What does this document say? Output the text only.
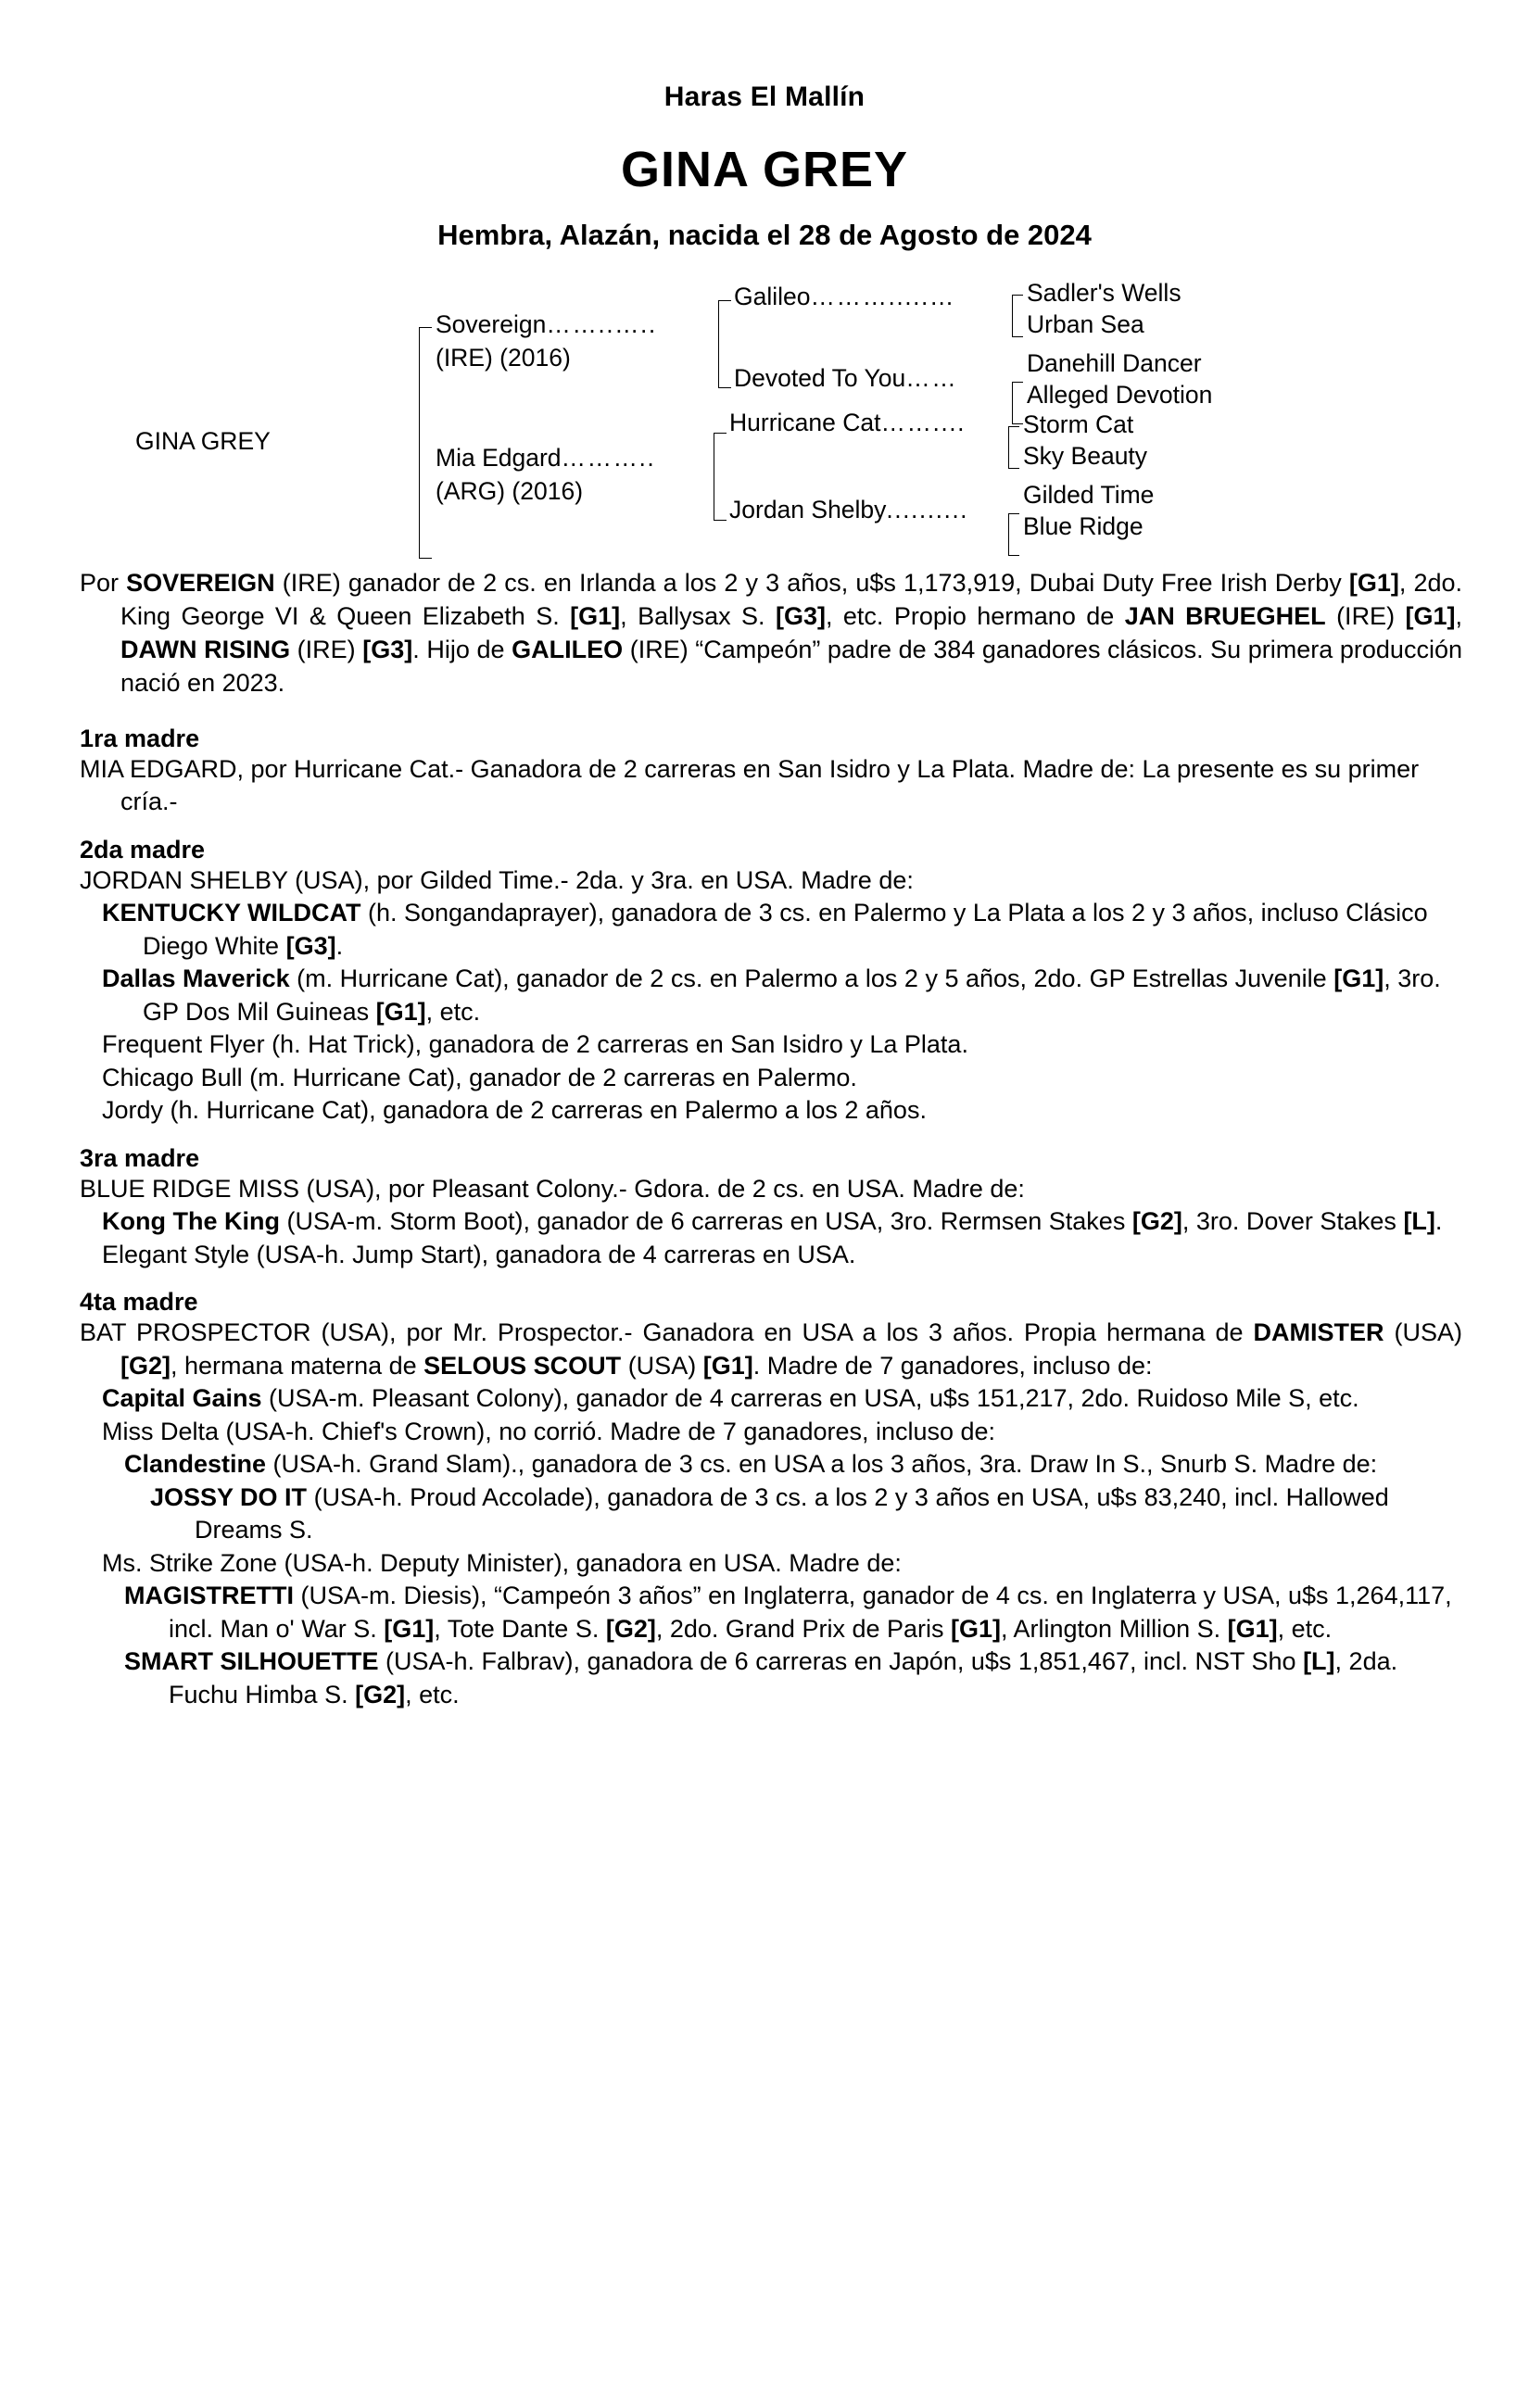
Haras El Mallín
GINA GREY
Hembra, Alazán, nacida el 28 de Agosto de 2024
GINA GREY
Sovereign……..…..
(IRE) (2016)
Mia Edgard………..
(ARG) (2016)
Galileo……….....…
Devoted To You……
Hurricane Cat……....
Jordan Shelby..........
Sadler's Wells
Urban Sea
Danehill Dancer
Alleged Devotion
Storm Cat
Sky Beauty
Gilded Time
Blue Ridge

Por SOVEREIGN (IRE) ganador de 2 cs. en Irlanda a los 2 y 3 años, u$s 1,173,919, Dubai Duty Free Irish Derby [G1], 2do. King George VI & Queen Elizabeth S. [G1], Ballysax S. [G3], etc. Propio hermano de JAN BRUEGHEL (IRE) [G1], DAWN RISING (IRE) [G3]. Hijo de GALILEO (IRE) “Campeón” padre de 384 ganadores clásicos. Su primera producción nació en 2023.

1ra madre
MIA EDGARD, por Hurricane Cat.- Ganadora de 2 carreras en San Isidro y La Plata. Madre de: La presente es su primer cría.-
2da madre
JORDAN SHELBY (USA), por Gilded Time.- 2da. y 3ra. en USA. Madre de:
KENTUCKY WILDCAT (h. Songandaprayer), ganadora de 3 cs. en Palermo y La Plata a los 2 y 3 años, incluso Clásico Diego White [G3].
Dallas Maverick (m. Hurricane Cat), ganador de 2 cs. en Palermo a los 2 y 5 años, 2do. GP Estrellas Juvenile [G1], 3ro. GP Dos Mil Guineas [G1], etc.
Frequent Flyer (h. Hat Trick), ganadora de 2 carreras en San Isidro y La Plata.
Chicago Bull (m. Hurricane Cat), ganador de 2 carreras en Palermo.
Jordy (h. Hurricane Cat), ganadora de 2 carreras en Palermo a los 2 años.
3ra madre
BLUE RIDGE MISS (USA), por Pleasant Colony.- Gdora. de 2 cs. en USA. Madre de:
Kong The King (USA-m. Storm Boot), ganador de 6 carreras en USA, 3ro. Rermsen Stakes [G2], 3ro. Dover Stakes [L].
Elegant Style (USA-h. Jump Start), ganadora de 4 carreras en USA.
4ta madre
BAT PROSPECTOR (USA), por Mr. Prospector.- Ganadora en USA a los 3 años. Propia hermana de DAMISTER (USA) [G2], hermana materna de SELOUS SCOUT (USA) [G1]. Madre de 7 ganadores, incluso de:
Capital Gains (USA-m. Pleasant Colony), ganador de 4 carreras en USA, u$s 151,217, 2do. Ruidoso Mile S, etc.
Miss Delta (USA-h. Chief's Crown), no corrió. Madre de 7 ganadores, incluso de:
Clandestine (USA-h. Grand Slam)., ganadora de 3 cs. en USA a los 3 años, 3ra. Draw In S., Snurb S. Madre de:
JOSSY DO IT (USA-h. Proud Accolade), ganadora de 3 cs. a los 2 y 3 años en USA, u$s 83,240, incl. Hallowed Dreams S.
Ms. Strike Zone (USA-h. Deputy Minister), ganadora en USA. Madre de:
MAGISTRETTI (USA-m. Diesis), “Campeón 3 años” en Inglaterra, ganador de 4 cs. en Inglaterra y USA, u$s 1,264,117, incl. Man o' War S. [G1], Tote Dante S. [G2], 2do. Grand Prix de Paris [G1], Arlington Million S. [G1], etc.
SMART SILHOUETTE (USA-h. Falbrav), ganadora de 6 carreras en Japón, u$s 1,851,467, incl. NST Sho [L], 2da. Fuchu Himba S. [G2], etc.
